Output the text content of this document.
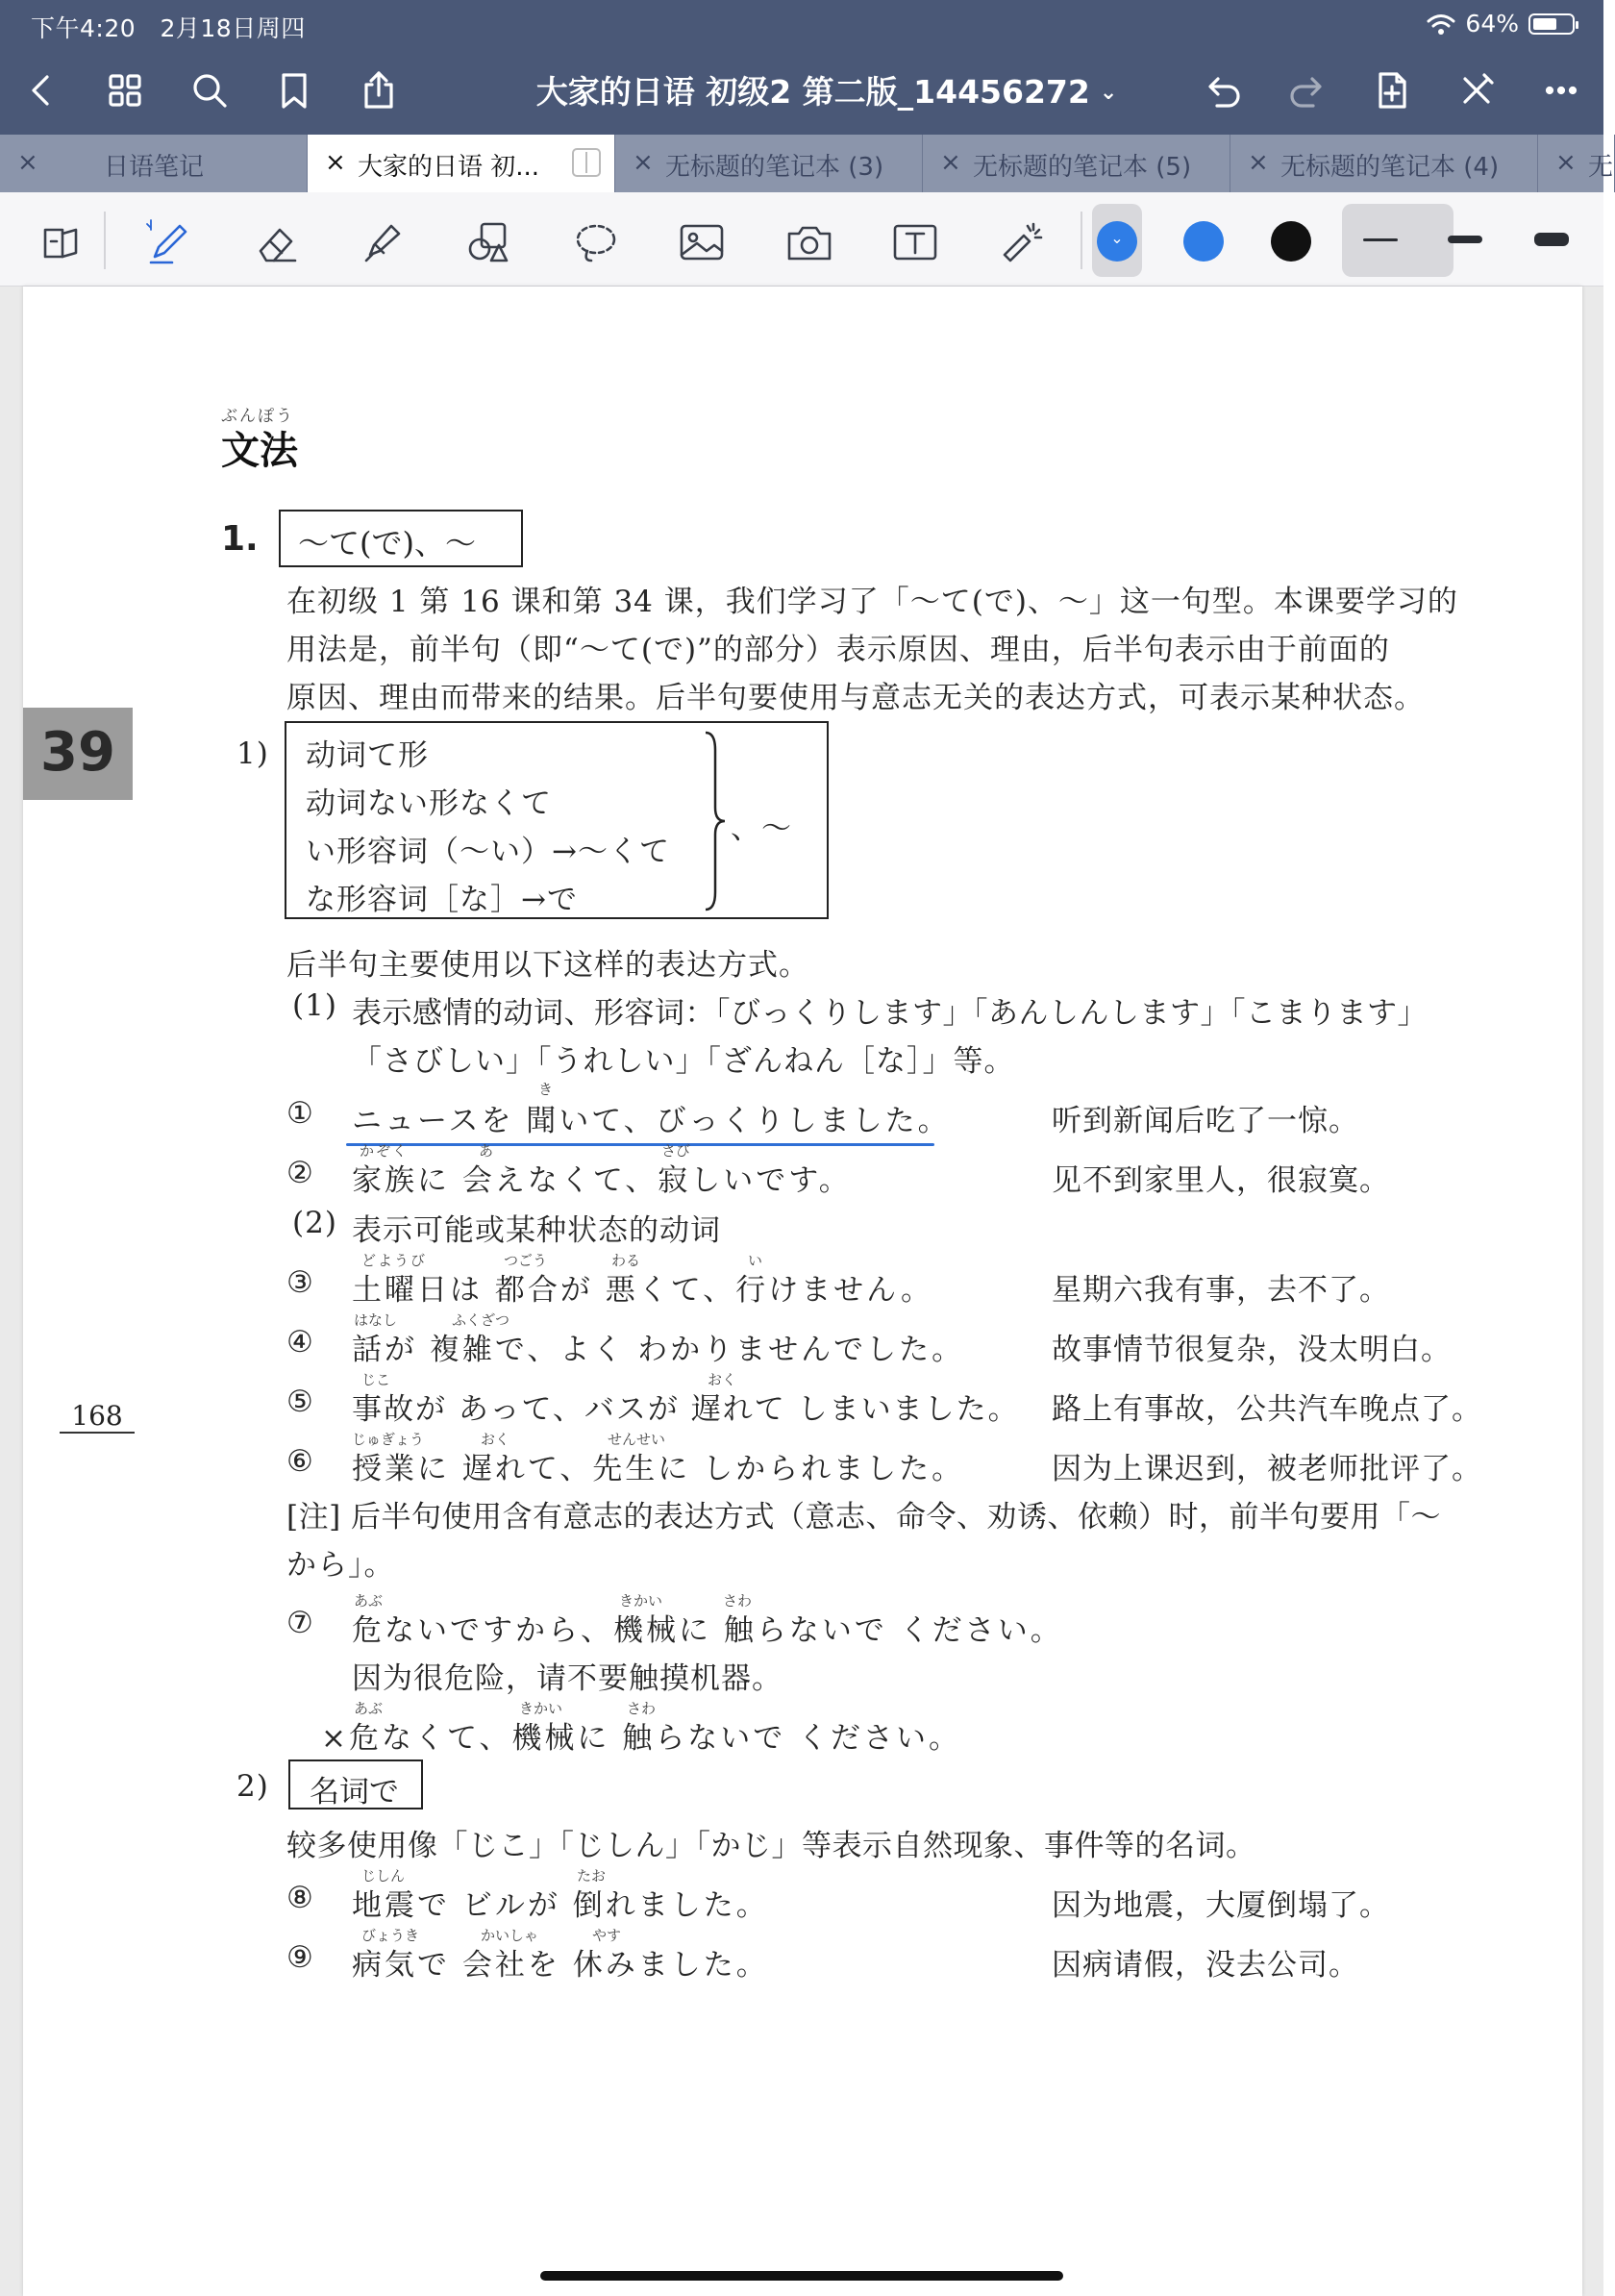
下午4:20 2月18日周四	64%
大家的日语 初级2 第二版_14456272 ⌄
×	日语笔记	× 大家的日语 初...	× 无标题的笔记本 (3) × 无标题的笔记本 (5) × 无标题的笔记本 (4) × 无
⌄
ぶんぽう
文法
1.	～て(で)、～
在初级 1 第 16 课和第 34 课，我们学习了「～て(で)、～」这一句型。本课要学习的
用法是，前半句（即“～て(で)”的部分）表示原因、理由，后半句表示由于前面的
原因、理由而带来的结果。后半句要使用与意志无关的表达方式，可表示某种状态。
39	1) 动词て形
动词ない形なくて
い形容词（～い）→～くて
な形容词［な］→で
、～
后半句主要使用以下这样的表达方式。
(1) 表示感情的动词、形容词：「びっくりします」「あんしんします」「こまります」
「さびしい」「うれしい」「ざんねん［な］」等。
き
① ニュースを 聞いて、びっくりしました。	听到新闻后吃了一惊。
かぞく	あ	さび
② 家族に 会えなくて、寂しいです。	见不到家里人，很寂寞。
(2) 表示可能或某种状态的动词
どようび	つごう	わる	い
③ 土曜日は 都合が 悪くて、行けません。	星期六我有事，去不了。
はなし	ふくざつ
④ 話が 複雑で、よく わかりませんでした。	故事情节很复杂，没太明白。
じこ	おく
⑤ 事故が あって、バスが 遅れて しまいました。 路上有事故，公共汽车晚点了。
168
じゅぎょう	おく	せんせい
⑥ 授業に 遅れて、先生に しかられました。	因为上课迟到，被老师批评了。
[注] 后半句使用含有意志的表达方式（意志、命令、劝诱、依赖）时，前半句要用「～
から」。
あぶ	きかい	さわ
⑦ 危ないですから、機械に 触らないで ください。
因为很危险，请不要触摸机器。
あぶ	きかい	さわ
×危なくて、機械に 触らないで ください。
2)	名词で
较多使用像「じこ」「じしん」「かじ」等表示自然现象、事件等的名词。
じしん	たお
⑧ 地震で ビルが 倒れました。	因为地震，大厦倒塌了。
びょうき	かいしゃ	やす
⑨ 病気で 会社を 休みました。	因病请假，没去公司。
